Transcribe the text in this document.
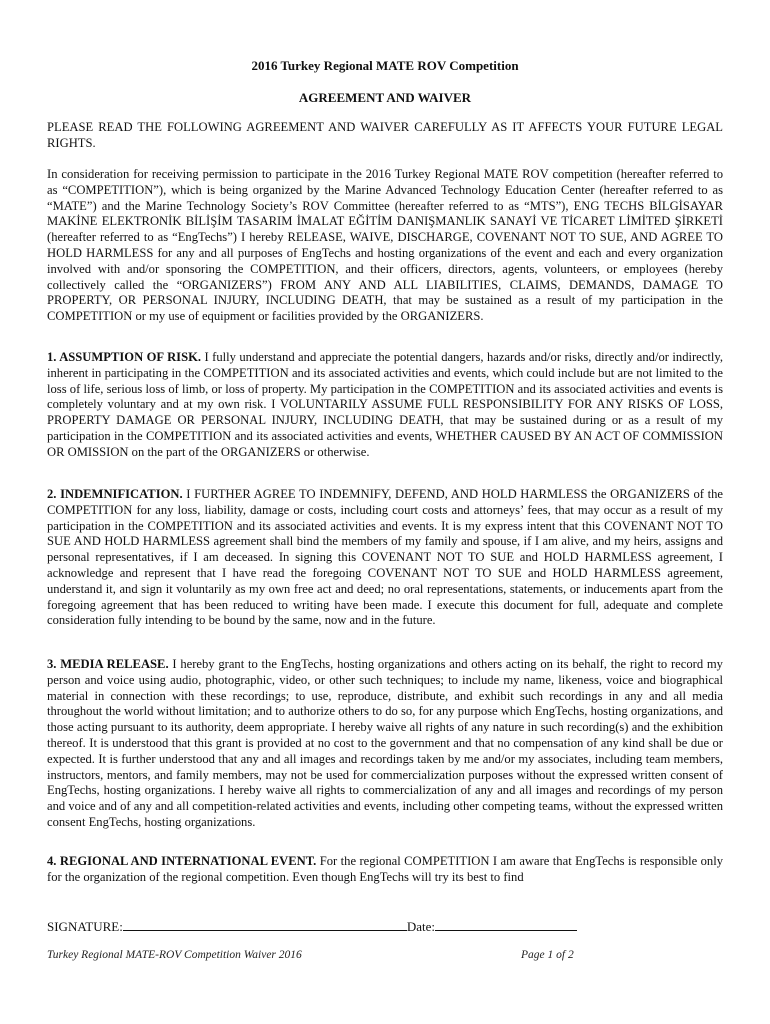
2016 Turkey Regional MATE ROV Competition

AGREEMENT AND WAIVER

PLEASE READ THE FOLLOWING AGREEMENT AND WAIVER CAREFULLY AS IT AFFECTS YOUR FUTURE LEGAL RIGHTS.

In consideration for receiving permission to participate in the 2016 Turkey Regional MATE ROV competition (hereafter referred to as “COMPETITION”), which is being organized by the Marine Advanced Technology Education Center (hereafter referred to as “MATE”) and the Marine Technology Society’s ROV Committee (hereafter referred to as “MTS”), ENG TECHS BİLGİSAYAR MAKİNE ELEKTRONİK BİLİŞİM TASARIM İMALAT EĞİTİM DANIŞMANLIK SANAYİ VE TİCARET LİMİTED ŞİRKETİ (hereafter referred to as “EngTechs”) I hereby RELEASE, WAIVE, DISCHARGE, COVENANT NOT TO SUE, AND AGREE TO HOLD HARMLESS for any and all purposes of EngTechs and hosting organizations of the event and each and every organization involved with and/or sponsoring the COMPETITION, and their officers, directors, agents, volunteers, or employees (hereby collectively called the “ORGANIZERS”) FROM ANY AND ALL LIABILITIES, CLAIMS, DEMANDS, DAMAGE TO PROPERTY, OR PERSONAL INJURY, INCLUDING DEATH, that may be sustained as a result of my participation in the COMPETITION or my use of equipment or facilities provided by the ORGANIZERS.

1. ASSUMPTION OF RISK. I fully understand and appreciate the potential dangers, hazards and/or risks, directly and/or indirectly, inherent in participating in the COMPETITION and its associated activities and events, which could include but are not limited to the loss of life, serious loss of limb, or loss of property. My participation in the COMPETITION and its associated activities and events is completely voluntary and at my own risk. I VOLUNTARILY ASSUME FULL RESPONSIBILITY FOR ANY RISKS OF LOSS, PROPERTY DAMAGE OR PERSONAL INJURY, INCLUDING DEATH, that may be sustained during or as a result of my participation in the COMPETITION and its associated activities and events, WHETHER CAUSED BY AN ACT OF COMMISSION OR OMISSION on the part of the ORGANIZERS or otherwise.

2. INDEMNIFICATION. I FURTHER AGREE TO INDEMNIFY, DEFEND, AND HOLD HARMLESS the ORGANIZERS of the COMPETITION for any loss, liability, damage or costs, including court costs and attorneys’ fees, that may occur as a result of my participation in the COMPETITION and its associated activities and events. It is my express intent that this COVENANT NOT TO SUE AND HOLD HARMLESS agreement shall bind the members of my family and spouse, if I am alive, and my heirs, assigns and personal representatives, if I am deceased. In signing this COVENANT NOT TO SUE and HOLD HARMLESS agreement, I acknowledge and represent that I have read the foregoing COVENANT NOT TO SUE and HOLD HARMLESS agreement, understand it, and sign it voluntarily as my own free act and deed; no oral representations, statements, or inducements apart from the foregoing agreement that has been reduced to writing have been made. I execute this document for full, adequate and complete consideration fully intending to be bound by the same, now and in the future.

3. MEDIA RELEASE. I hereby grant to the EngTechs, hosting organizations and others acting on its behalf, the right to record my person and voice using audio, photographic, video, or other such techniques; to include my name, likeness, voice and biographical material in connection with these recordings; to use, reproduce, distribute, and exhibit such recordings in any and all media throughout the world without limitation; and to authorize others to do so, for any purpose which EngTechs, hosting organizations, and those acting pursuant to its authority, deem appropriate. I hereby waive all rights of any nature in such recording(s) and the exhibition thereof. It is understood that this grant is provided at no cost to the government and that no compensation of any kind shall be due or expected. It is further understood that any and all images and recordings taken by me and/or my associates, including team members, instructors, mentors, and family members, may not be used for commercialization purposes without the expressed written consent of EngTechs, hosting organizations. I hereby waive all rights to commercialization of any and all images and recordings of my person and voice and of any and all competition-related activities and events, including other competing teams, without the expressed written consent EngTechs, hosting organizations.

4. REGIONAL AND INTERNATIONAL EVENT. For the regional COMPETITION I am aware that EngTechs is responsible only for the organization of the regional competition. Even though EngTechs will try its best to find

SIGNATURE:	Date:
Turkey Regional MATE-ROV Competition Waiver 2016	Page 1 of 2
